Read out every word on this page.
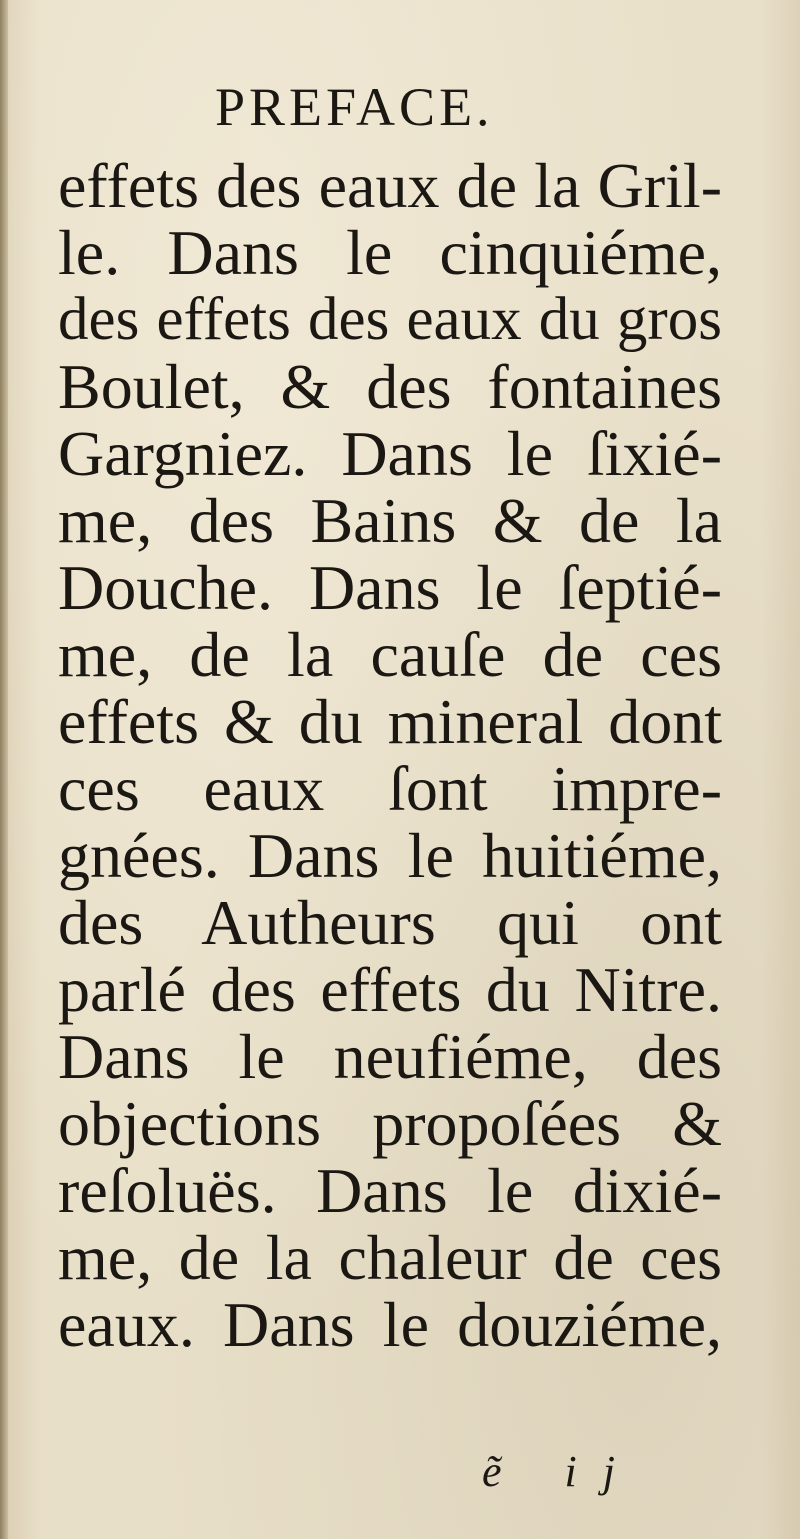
PREFACE.
effets des eaux de la Gril-
le. Dans le cinquiéme,
des effets des eaux du gros
Boulet, & des fontaines
Gargniez. Dans le ſixié-
me, des Bains & de la
Douche. Dans le ſeptié-
me, de la cauſe de ces
effets & du mineral dont
ces eaux ſont impre-
gnées. Dans le huitiéme,
des Autheurs qui ont
parlé des effets du Nitre.
Dans le neufiéme, des
objections propoſées &
reſoluës. Dans le dixié-
me, de la chaleur de ces
eaux. Dans le douziéme,
ẽ ij
